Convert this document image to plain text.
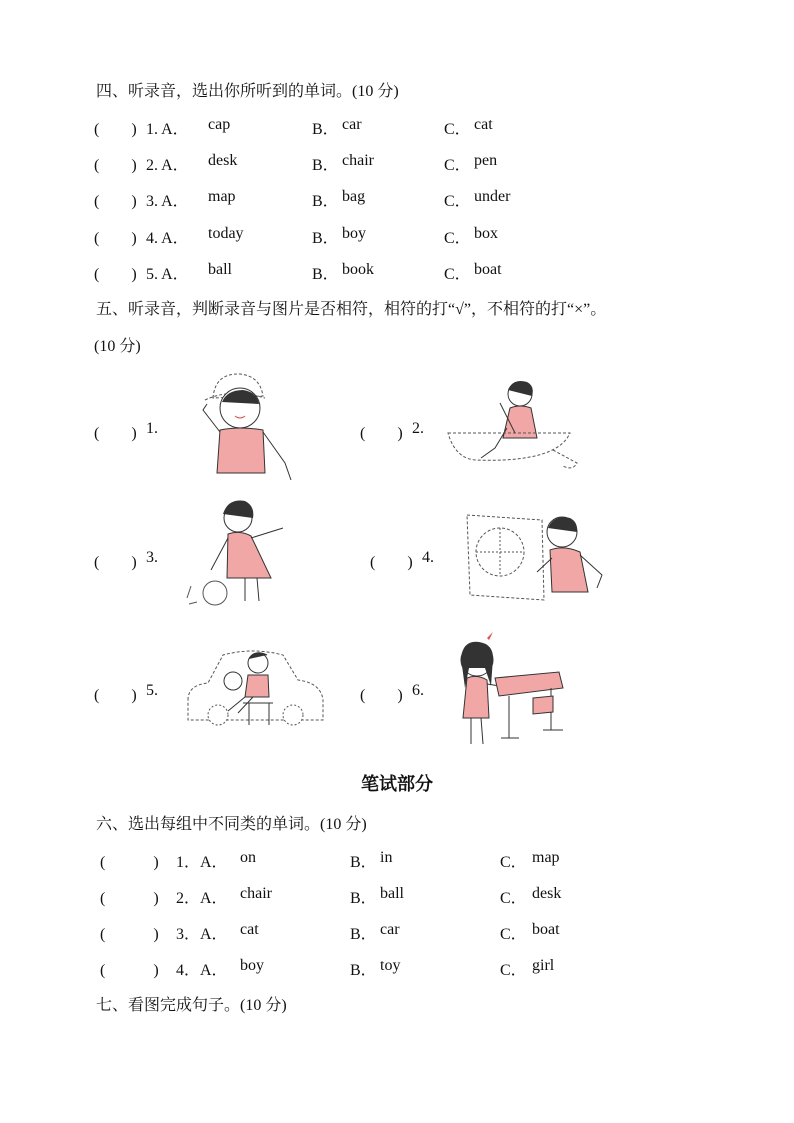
四、听录音，选出你所听到的单词。(10 分)
(　　) 1. A． cap	B． car	C． cat
(　　) 2. A． desk	B． chair	C． pen
(　　) 3. A． map	B． bag	C． under
(　　) 4. A． today	B． boy	C． box
(　　) 5. A． ball	B． book	C． boat
五、听录音，判断录音与图片是否相符，相符的打“√”，不相符的打“×”。
(10 分)
(　　) 1.	(　　) 2.
(　　) 3.	(　　) 4.
(　　) 5.	(　　) 6.
笔试部分
六、选出每组中不同类的单词。(10 分)
(　　　) 1．A． on	B． in	C． map
(　　　) 2．A． chair	B． ball	C． desk
(　　　) 3．A． cat	B． car	C． boat
(　　　) 4．A． boy	B． toy	C． girl
七、看图完成句子。(10 分)
